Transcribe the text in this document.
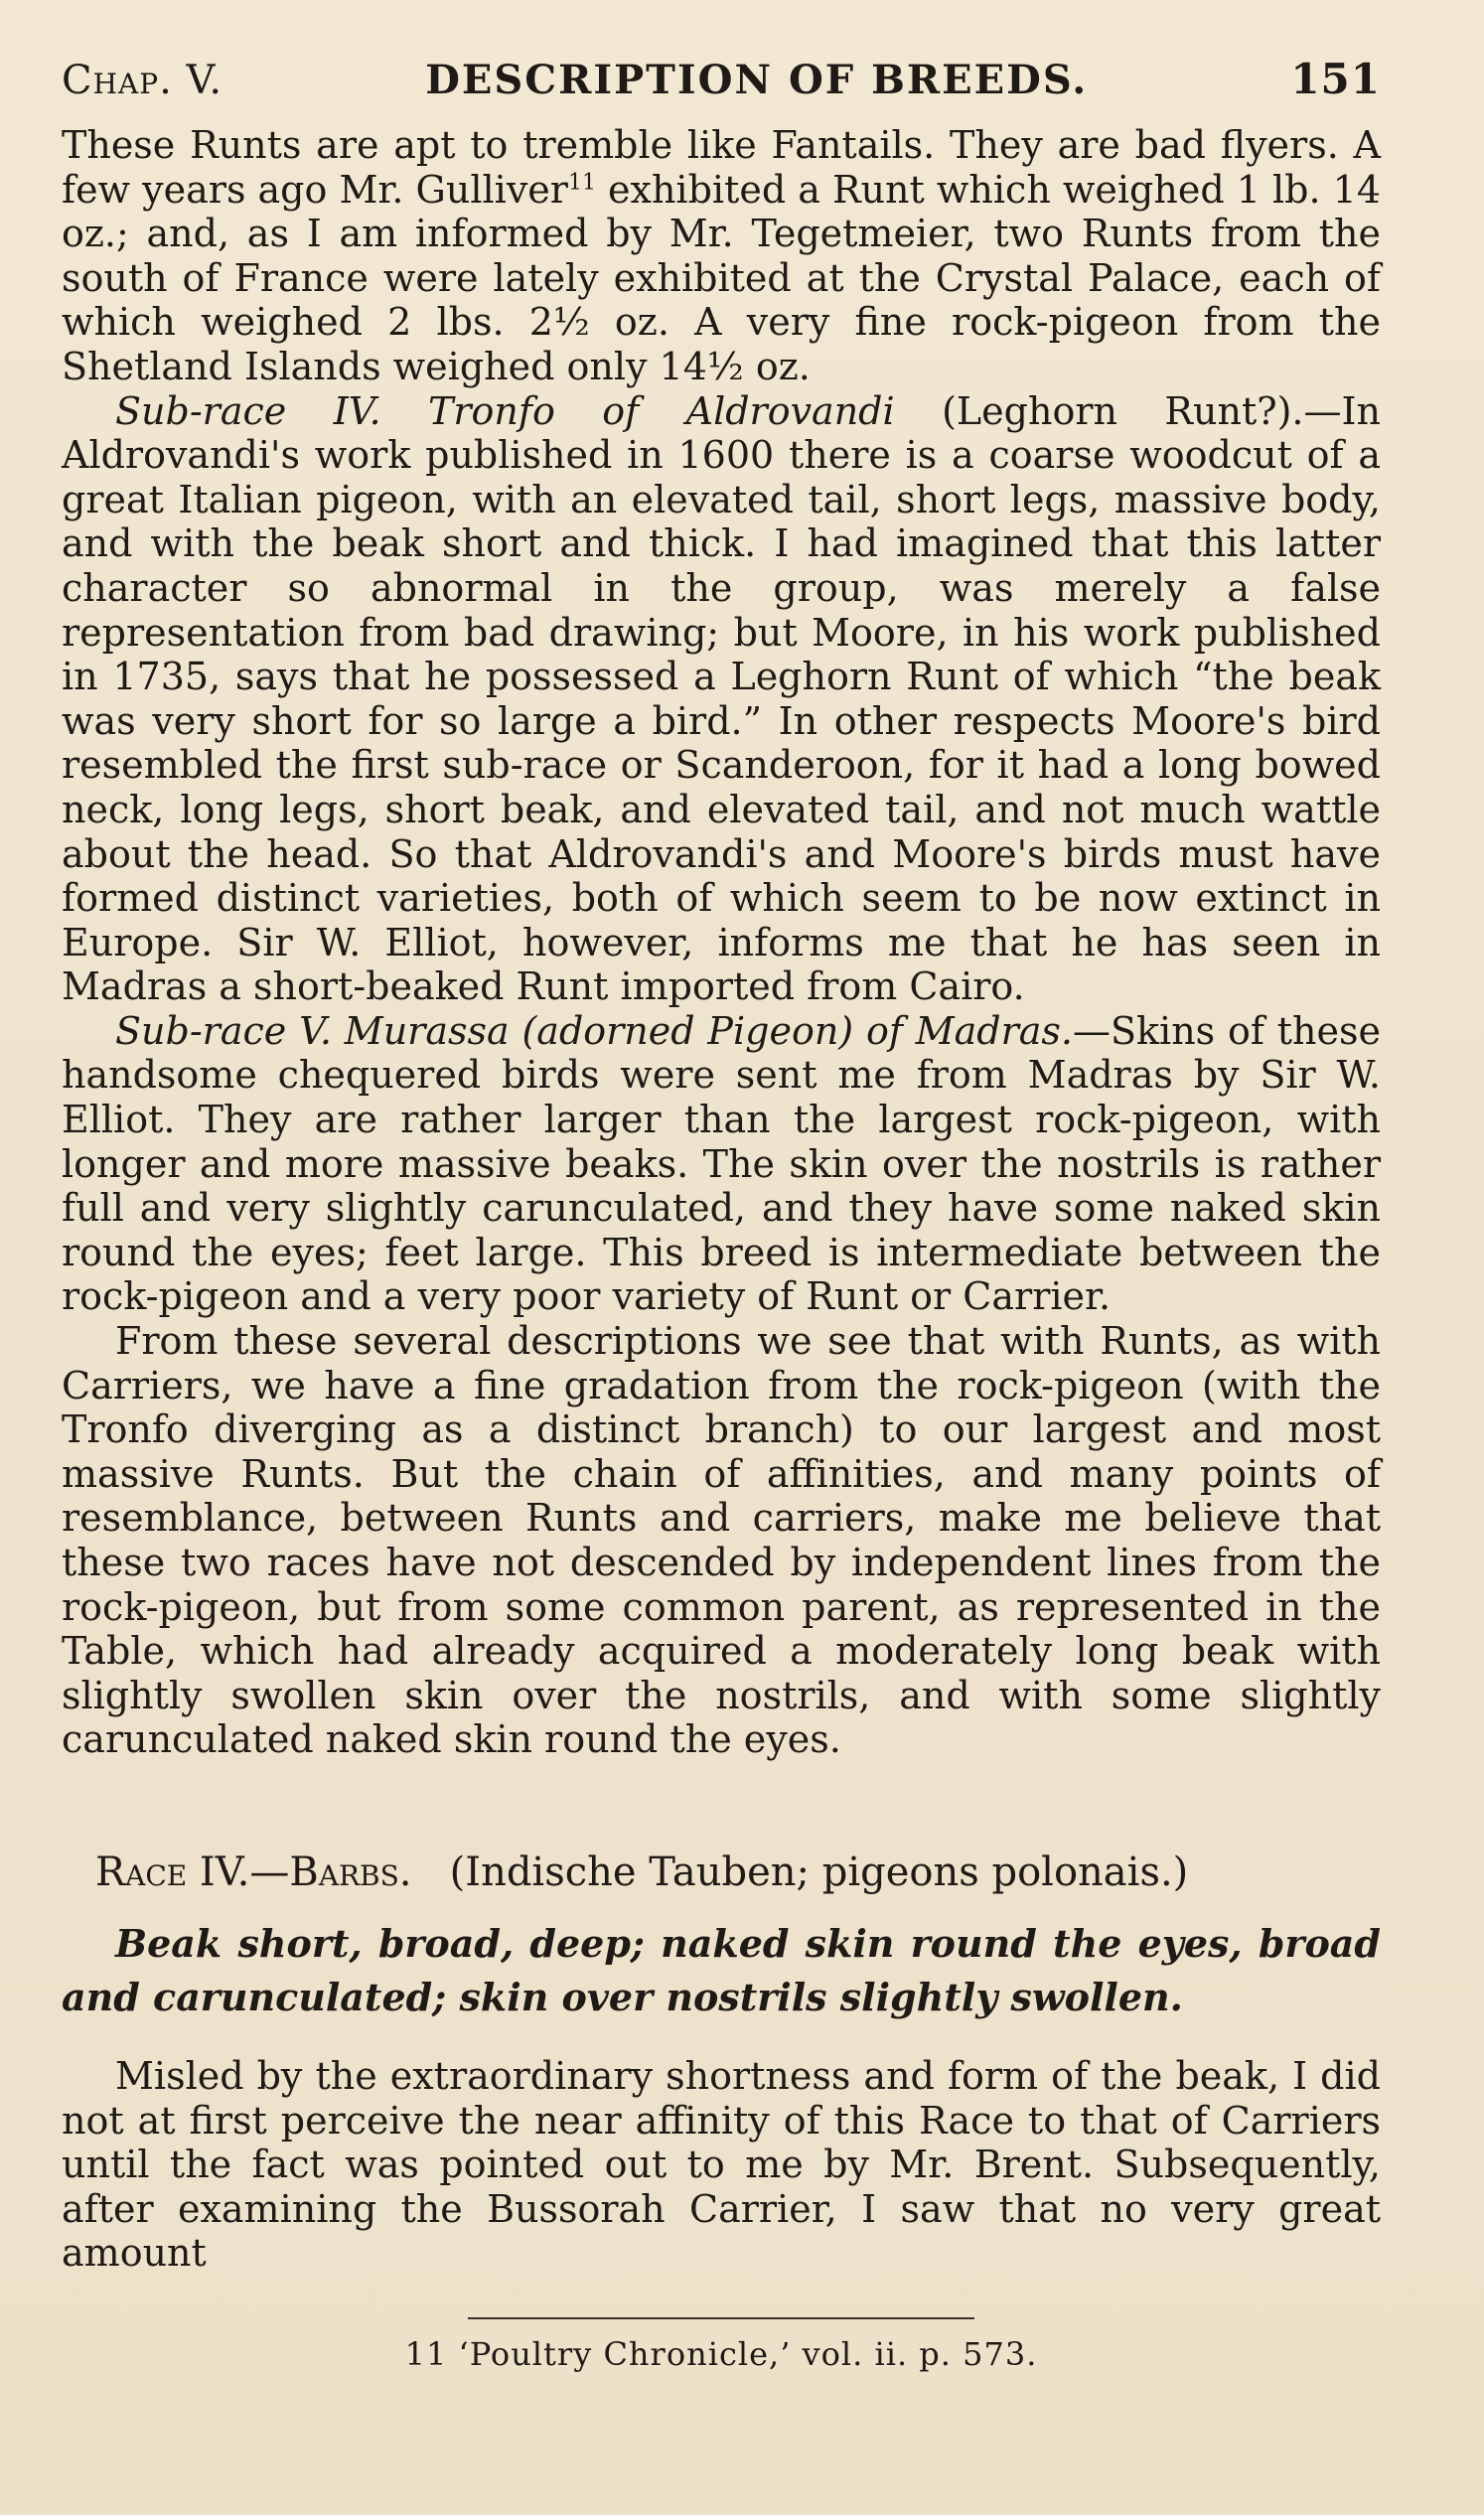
Chap. V.	DESCRIPTION OF BREEDS.	151

These Runts are apt to tremble like Fantails. They are bad flyers. A few years ago Mr. Gulliver$^{11}$ exhibited a Runt which weighed 1 lb. 14 oz.; and, as I am informed by Mr. Tegetmeier, two Runts from the south of France were lately exhibited at the Crystal Palace, each of which weighed 2 lbs. 2½ oz. A very fine rock-pigeon from the Shetland Islands weighed only 14½ oz.

Sub-race IV. Tronfo of Aldrovandi (Leghorn Runt?).—In Aldrovandi's work published in 1600 there is a coarse woodcut of a great Italian pigeon, with an elevated tail, short legs, massive body, and with the beak short and thick. I had imagined that this latter character so abnormal in the group, was merely a false representation from bad drawing; but Moore, in his work published in 1735, says that he possessed a Leghorn Runt of which “the beak was very short for so large a bird.” In other respects Moore's bird resembled the first sub-race or Scanderoon, for it had a long bowed neck, long legs, short beak, and elevated tail, and not much wattle about the head. So that Aldrovandi's and Moore's birds must have formed distinct varieties, both of which seem to be now extinct in Europe. Sir W. Elliot, however, informs me that he has seen in Madras a short-beaked Runt imported from Cairo.

Sub-race V. Murassa (adorned Pigeon) of Madras.—Skins of these handsome chequered birds were sent me from Madras by Sir W. Elliot. They are rather larger than the largest rock-pigeon, with longer and more massive beaks. The skin over the nostrils is rather full and very slightly carunculated, and they have some naked skin round the eyes; feet large. This breed is intermediate between the rock-pigeon and a very poor variety of Runt or Carrier.

From these several descriptions we see that with Runts, as with Carriers, we have a fine gradation from the rock-pigeon (with the Tronfo diverging as a distinct branch) to our largest and most massive Runts. But the chain of affinities, and many points of resemblance, between Runts and carriers, make me believe that these two races have not descended by independent lines from the rock-pigeon, but from some common parent, as represented in the Table, which had already acquired a moderately long beak with slightly swollen skin over the nostrils, and with some slightly carunculated naked skin round the eyes.

Race IV.—Barbs. (Indische Tauben; pigeons polonais.)

Beak short, broad, deep; naked skin round the eyes, broad and carunculated; skin over nostrils slightly swollen.

Misled by the extraordinary shortness and form of the beak, I did not at first perceive the near affinity of this Race to that of Carriers until the fact was pointed out to me by Mr. Brent. Subsequently, after examining the Bussorah Carrier, I saw that no very great amount

11 ‘Poultry Chronicle,’ vol. ii. p. 573.
